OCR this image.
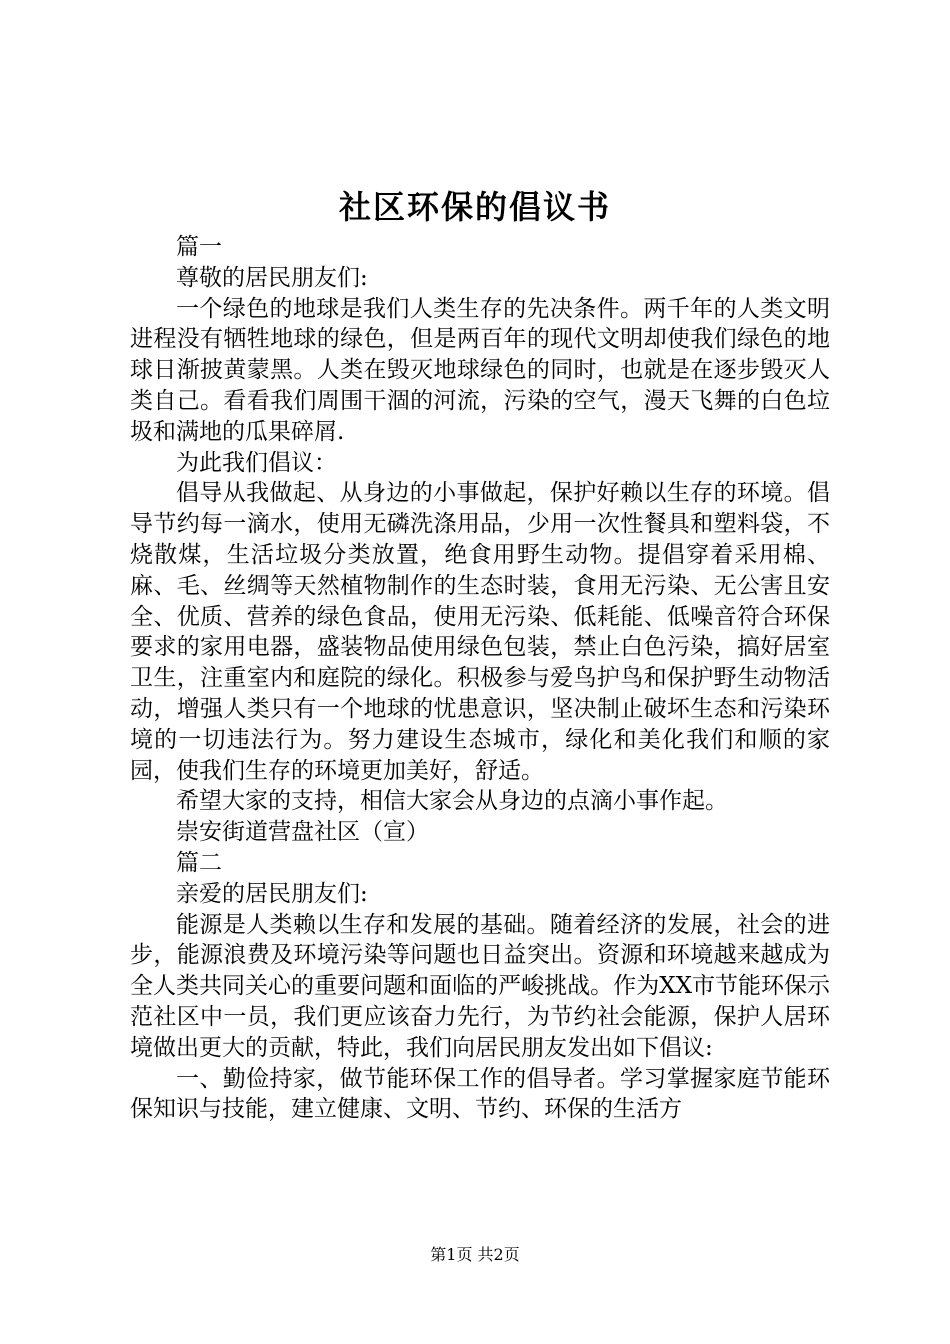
社区环保的倡议书

篇一

尊敬的居民朋友们:

一个绿色的地球是我们人类生存的先决条件。两千年的人类文明进程没有牺牲地球的绿色，但是两百年的现代文明却使我们绿色的地球日渐披黄蒙黑。人类在毁灭地球绿色的同时，也就是在逐步毁灭人类自己。看看我们周围干涸的河流，污染的空气，漫天飞舞的白色垃圾和满地的瓜果碎屑.

为此我们倡议：

倡导从我做起、从身边的小事做起，保护好赖以生存的环境。倡导节约每一滴水，使用无磷洗涤用品，少用一次性餐具和塑料袋，不烧散煤，生活垃圾分类放置，绝食用野生动物。提倡穿着采用棉、麻、毛、丝绸等天然植物制作的生态时装，食用无污染、无公害且安全、优质、营养的绿色食品，使用无污染、低耗能、低噪音符合环保要求的家用电器，盛装物品使用绿色包装，禁止白色污染，搞好居室卫生，注重室内和庭院的绿化。积极参与爱鸟护鸟和保护野生动物活动，增强人类只有一个地球的忧患意识，坚决制止破坏生态和污染环境的一切违法行为。努力建设生态城市，绿化和美化我们和顺的家园，使我们生存的环境更加美好，舒适。

希望大家的支持，相信大家会从身边的点滴小事作起。

崇安街道营盘社区（宣）

篇二

亲爱的居民朋友们:

能源是人类赖以生存和发展的基础。随着经济的发展，社会的进步，能源浪费及环境污染等问题也日益突出。资源和环境越来越成为全人类共同关心的重要问题和面临的严峻挑战。作为XX市节能环保示范社区中一员，我们更应该奋力先行，为节约社会能源，保护人居环境做出更大的贡献，特此，我们向居民朋友发出如下倡议:

一、勤俭持家，做节能环保工作的倡导者。学习掌握家庭节能环保知识与技能，建立健康、文明、节约、环保的生活方

第1页 共2页
